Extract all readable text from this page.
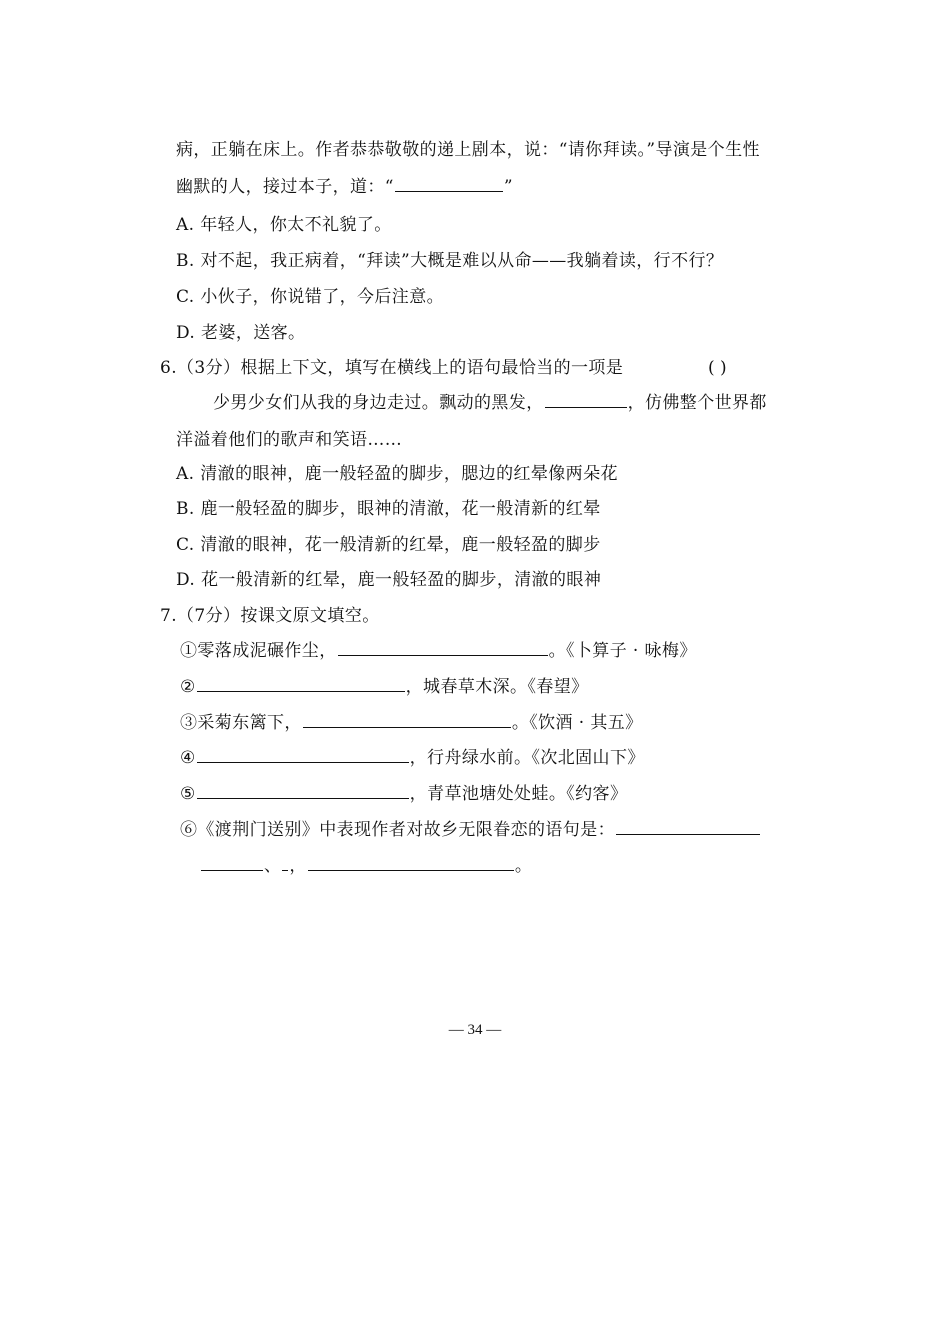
病，正躺在床上。作者恭恭敬敬的递上剧本，说：“请你拜读。”导演是个生性
幽默的人，接过本子，道：“	”
A. 年轻人，你太不礼貌了。
B. 对不起，我正病着，“拜读”大概是难以从命——我躺着读，行不行？
C. 小伙子，你说错了，今后注意。
D. 老婆，送客。
6.（3分）根据上下文，填写在横线上的语句最恰当的一项是	( )
少男少女们从我的身边走过。飘动的黑发，	，仿佛整个世界都
洋溢着他们的歌声和笑语……
A. 清澈的眼神，鹿一般轻盈的脚步，腮边的红晕像两朵花
B. 鹿一般轻盈的脚步，眼神的清澈，花一般清新的红晕
C. 清澈的眼神，花一般清新的红晕，鹿一般轻盈的脚步
D. 花一般清新的红晕，鹿一般轻盈的脚步，清澈的眼神
7.（7分）按课文原文填空。
①零落成泥碾作尘，	。《卜算子 · 咏梅》
②	，城春草木深。《春望》
③采菊东篱下，	。《饮酒 · 其五》
④	，行舟绿水前。《次北固山下》
⑤	，青草池塘处处蛙。《约客》
⑥《渡荆门送别》中表现作者对故乡无限眷恋的语句是：
、 ，	。
— 34 —
